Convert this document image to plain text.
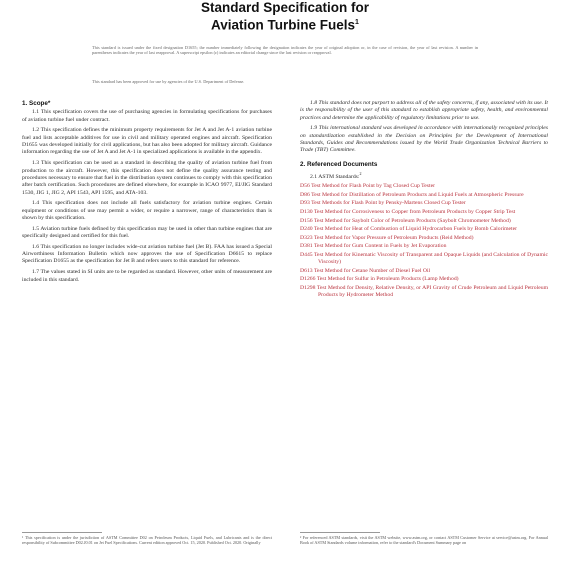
Standard Specification for
Aviation Turbine Fuels$^1$
This standard is issued under the fixed designation D1655; the number immediately following the designation indicates the year of original adoption or, in the case of revision, the year of last revision. A number in parentheses indicates the year of last reapproval. A superscript epsilon (ε) indicates an editorial change since the last revision or reapproval.
This standard has been approved for use by agencies of the U.S. Department of Defense.
1. Scope*
1.1 This specification covers the use of purchasing agencies in formulating specifications for purchases of aviation turbine fuel under contract.
1.2 This specification defines the minimum property requirements for Jet A and Jet A-1 aviation turbine fuel and lists acceptable additives for use in civil and military operated engines and aircraft. Specification D1655 was developed initially for civil applications, but has also been adopted for military aircraft. Guidance information regarding the use of Jet A and Jet A-1 in specialized applications is available in the appendix.
1.3 This specification can be used as a standard in describing the quality of aviation turbine fuel from production to the aircraft. However, this specification does not define the quality assurance testing and procedures necessary to ensure that fuel in the distribution system continues to comply with this specification after batch certification. Such procedures are defined elsewhere, for example in ICAO 9977, EI/JIG Standard 1530, JIG 1, JIG 2, API 1543, API 1595, and ATA-103.
1.4 This specification does not include all fuels satisfactory for aviation turbine engines. Certain equipment or conditions of use may permit a wider, or require a narrower, range of characteristics than is shown by this specification.
1.5 Aviation turbine fuels defined by this specification may be used in other than turbine engines that are specifically designed and certified for this fuel.
1.6 This specification no longer includes wide-cut aviation turbine fuel (Jet B). FAA has issued a Special Airworthiness Information Bulletin which now approves the use of Specification D6615 to replace Specification D1655 as the specification for Jet B and refers users to this standard for reference.
1.7 The values stated in SI units are to be regarded as standard. However, other units of measurement are included in this standard.
1.8 This standard does not purport to address all of the safety concerns, if any, associated with its use. It is the responsibility of the user of this standard to establish appropriate safety, health, and environmental practices and determine the applicability of regulatory limitations prior to use.
1.9 This international standard was developed in accordance with internationally recognized principles on standardization established in the Decision on Principles for the Development of International Standards, Guides and Recommendations issued by the World Trade Organization Technical Barriers to Trade (TBT) Committee.
2. Referenced Documents
2.1 ASTM Standards:$^2$
D56 Test Method for Flash Point by Tag Closed Cup Tester
D86 Test Method for Distillation of Petroleum Products and Liquid Fuels at Atmospheric Pressure
D93 Test Methods for Flash Point by Pensky-Martens Closed Cup Tester
D130 Test Method for Corrosiveness to Copper from Petroleum Products by Copper Strip Test
D156 Test Method for Saybolt Color of Petroleum Products (Saybolt Chromometer Method)
D240 Test Method for Heat of Combustion of Liquid Hydrocarbon Fuels by Bomb Calorimeter
D323 Test Method for Vapor Pressure of Petroleum Products (Reid Method)
D381 Test Method for Gum Content in Fuels by Jet Evaporation
D445 Test Method for Kinematic Viscosity of Transparent and Opaque Liquids (and Calculation of Dynamic Viscosity)
D613 Test Method for Cetane Number of Diesel Fuel Oil
D1266 Test Method for Sulfur in Petroleum Products (Lamp Method)
D1298 Test Method for Density, Relative Density, or API Gravity of Crude Petroleum and Liquid Petroleum Products by Hydrometer Method
¹ This specification is under the jurisdiction of ASTM Committee D02 on Petroleum Products, Liquid Fuels, and Lubricants and is the direct responsibility of Subcommittee D02.J0.01 on Jet Fuel Specifications. Current edition approved Oct. 15, 2020. Published Oct. 2020. Originally
² For referenced ASTM standards, visit the ASTM website, www.astm.org, or contact ASTM Customer Service at service@astm.org. For Annual Book of ASTM Standards volume information, refer to the standard's Document Summary page on
